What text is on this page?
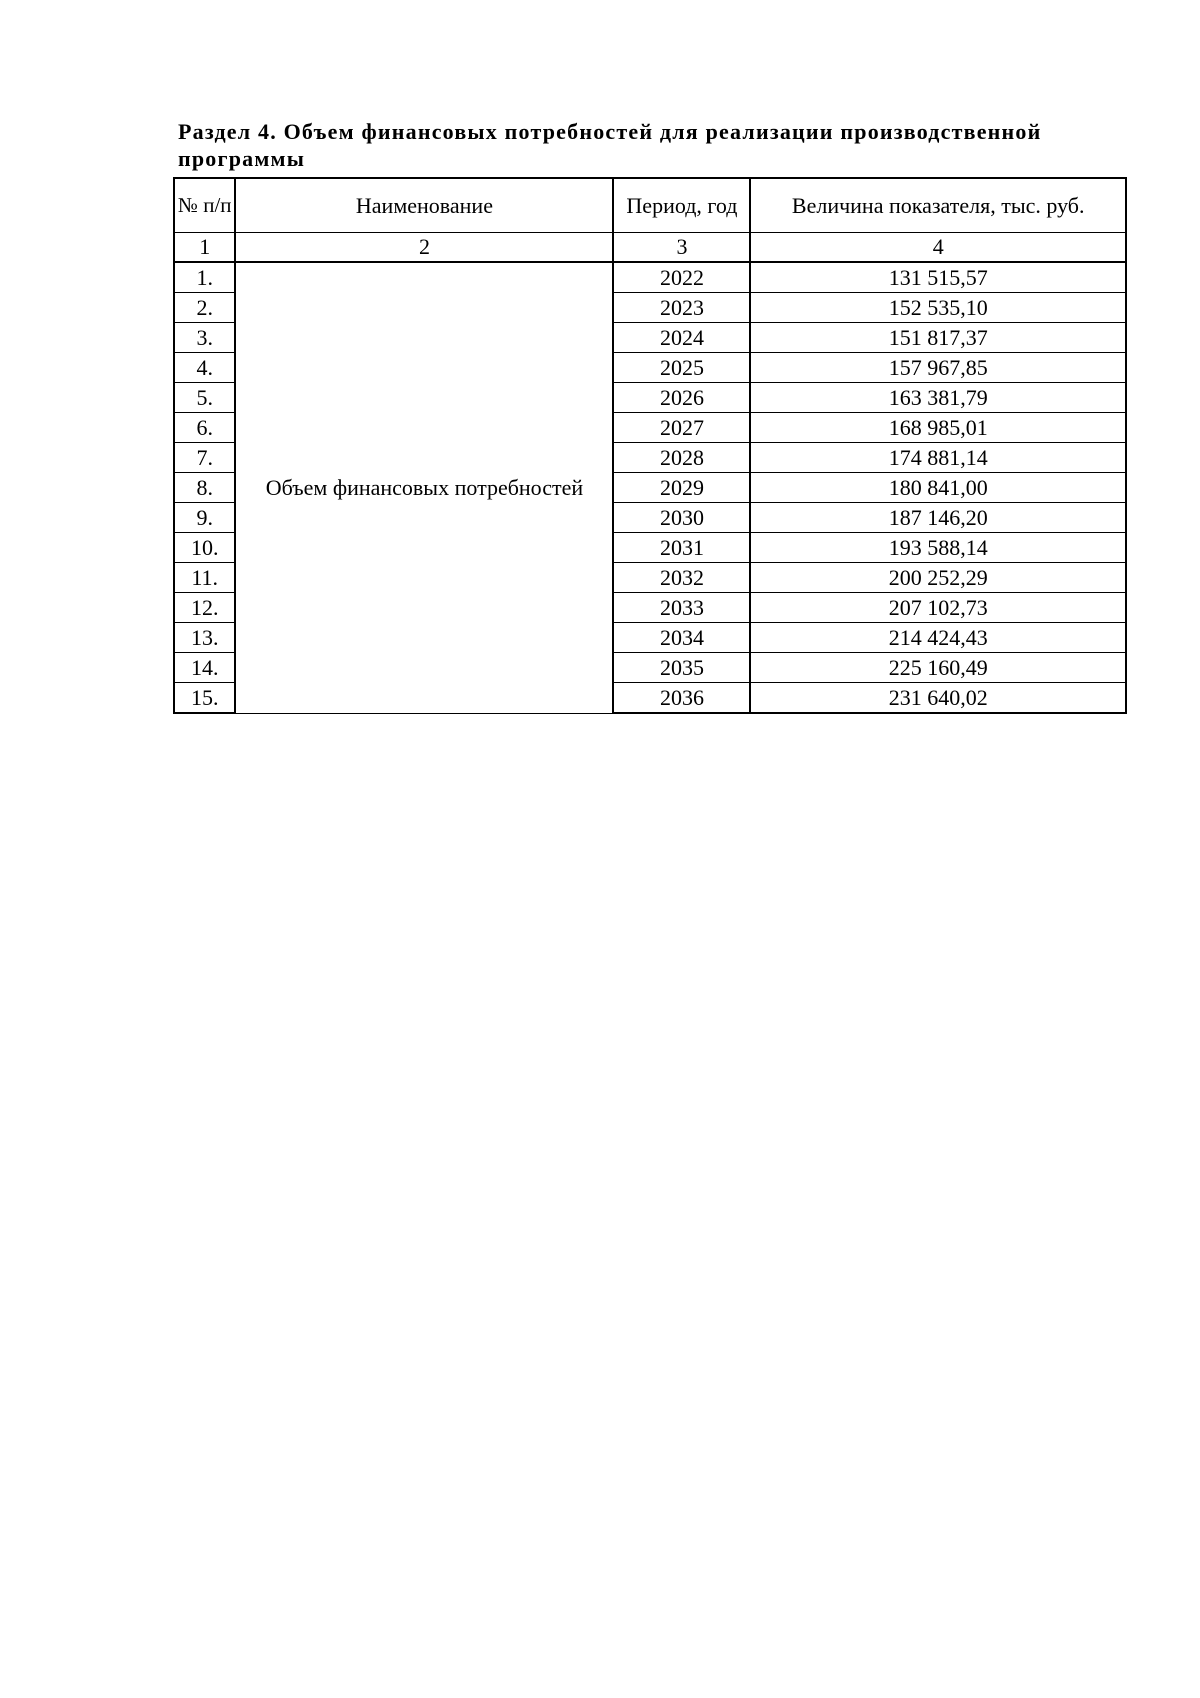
Раздел 4. Объем финансовых потребностей для реализации производственной программы
№ п/п	Наименование	Период, год	Величина показателя, тыс. руб.
1	2	3	4
1.	Объем финансовых потребностей	2022	131 515,57
2.		2023	152 535,10
3.		2024	151 817,37
4.		2025	157 967,85
5.		2026	163 381,79
6.		2027	168 985,01
7.		2028	174 881,14
8.		2029	180 841,00
9.		2030	187 146,20
10.		2031	193 588,14
11.		2032	200 252,29
12.		2033	207 102,73
13.		2034	214 424,43
14.		2035	225 160,49
15.		2036	231 640,02
